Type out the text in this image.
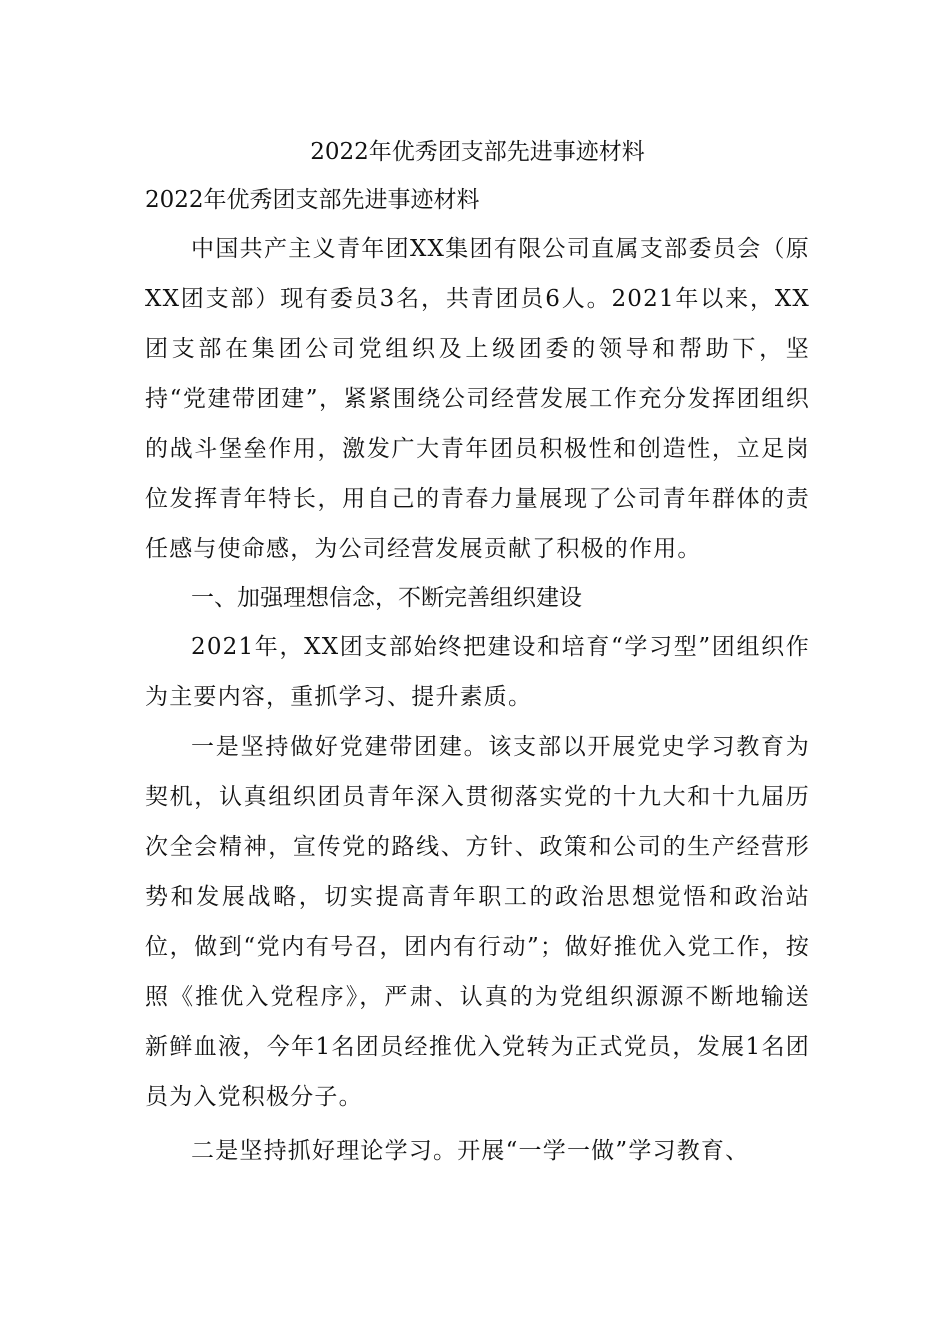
2022年优秀团支部先进事迹材料
2022年优秀团支部先进事迹材料

中国共产主义青年团XX集团有限公司直属支部委员会（原XX团支部）现有委员3名，共青团员6人。2021年以来，XX团支部在集团公司党组织及上级团委的领导和帮助下，坚持“党建带团建”，紧紧围绕公司经营发展工作充分发挥团组织的战斗堡垒作用，激发广大青年团员积极性和创造性，立足岗位发挥青年特长，用自己的青春力量展现了公司青年群体的责任感与使命感，为公司经营发展贡献了积极的作用。

一、加强理想信念，不断完善组织建设

2021年，XX团支部始终把建设和培育“学习型”团组织作为主要内容，重抓学习、提升素质。

一是坚持做好党建带团建。该支部以开展党史学习教育为契机，认真组织团员青年深入贯彻落实党的十九大和十九届历次全会精神，宣传党的路线、方针、政策和公司的生产经营形势和发展战略，切实提高青年职工的政治思想觉悟和政治站位，做到“党内有号召，团内有行动”；做好推优入党工作，按照《推优入党程序》，严肃、认真的为党组织源源不断地输送新鲜血液，今年1名团员经推优入党转为正式党员，发展1名团员为入党积极分子。

二是坚持抓好理论学习。开展“一学一做”学习教育、
